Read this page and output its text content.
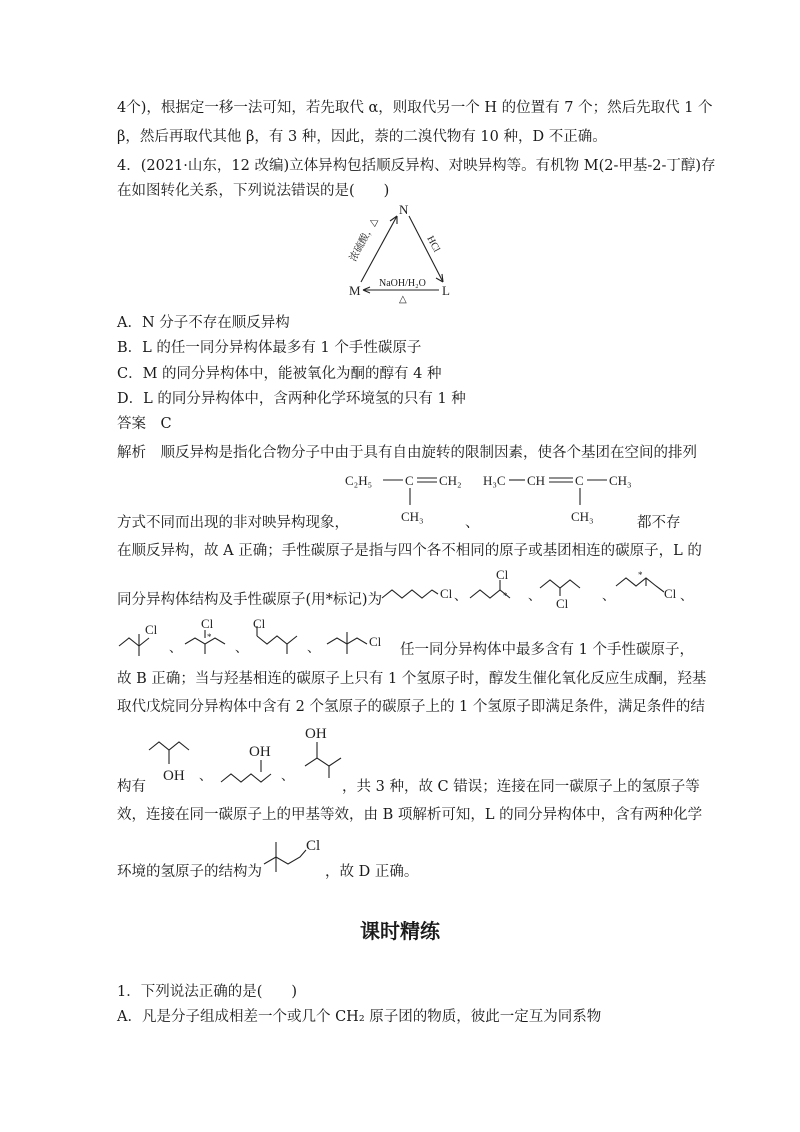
4个)，根据定一移一法可知，若先取代 α，则取代另一个 H 的位置有 7 个；然后先取代 1 个
β，然后再取代其他 β，有 3 种，因此，萘的二溴代物有 10 种，D 不正确。
4．(2021·山东，12 改编)立体异构包括顺反异构、对映异构等。有机物 M(2-甲基-2-丁醇)存
在如图转化关系，下列说法错误的是(　　)
N
M	L
浓硫酸，△	HCl
NaOH/H₂O
△
A．N 分子不存在顺反异构
B．L 的任一同分异构体最多有 1 个手性碳原子
C．M 的同分异构体中，能被氧化为酮的醇有 4 种
D．L 的同分异构体中，含两种化学环境氢的只有 1 种
答案　C
解析　顺反异构是指化合物分子中由于具有自由旋转的限制因素，使各个基团在空间的排列
C₂H₅	C CH₂
CH₃
H₃C CH C CH₃
CH₃
方式不同而出现的非对映异构现象，	、	都不存
在顺反异构，故 A 正确；手性碳原子是指与四个各不相同的原子或基团相连的碳原子，L 的
同分异构体结构及手性碳原子(用*标记)为	Cl 、
Cl
* 、
Cl
、
*
Cl 、
Cl
、
Cl
*
、
Cl
、	Cl
任一同分异构体中最多含有 1 个手性碳原子，
故 B 正确；当与羟基相连的碳原子上只有 1 个氢原子时，醇发生催化氧化反应生成酮，羟基
取代戊烷同分异构体中含有 2 个氢原子的碳原子上的 1 个氢原子即满足条件，满足条件的结
OH 、
OH
、
OH
构有	，共 3 种，故 C 错误；连接在同一碳原子上的氢原子等
效，连接在同一碳原子上的甲基等效，由 B 项解析可知，L 的同分异构体中，含有两种化学
Cl
环境的氢原子的结构为	，故 D 正确。
课时精练
1．下列说法正确的是(　　)
A．凡是分子组成相差一个或几个 CH₂ 原子团的物质，彼此一定互为同系物
